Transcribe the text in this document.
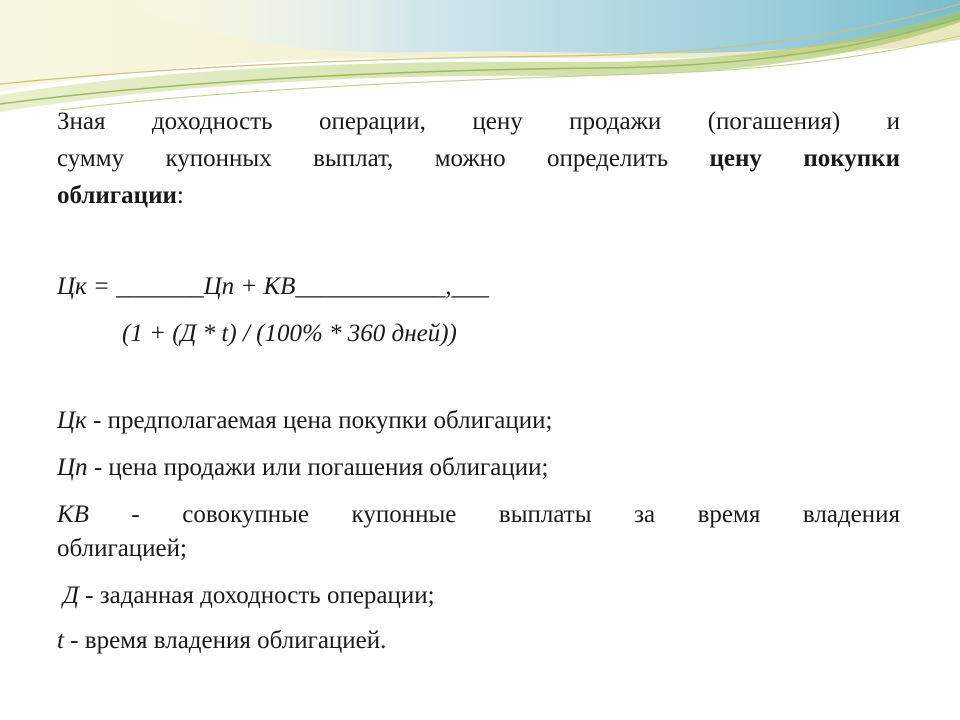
Зная доходность операции, цену продажи (погашения) и
сумму купонных выплат, можно определить цену покупки
облигации:
Цк = _______Цп + КВ____________,___
(1 + (Д * t) / (100% * 360 дней))
Цк - предполагаемая цена покупки облигации;
Цп - цена продажи или погашения облигации;
КВ - совокупные купонные выплаты за время владения
облигацией;
Д - заданная доходность операции;
t - время владения облигацией.
